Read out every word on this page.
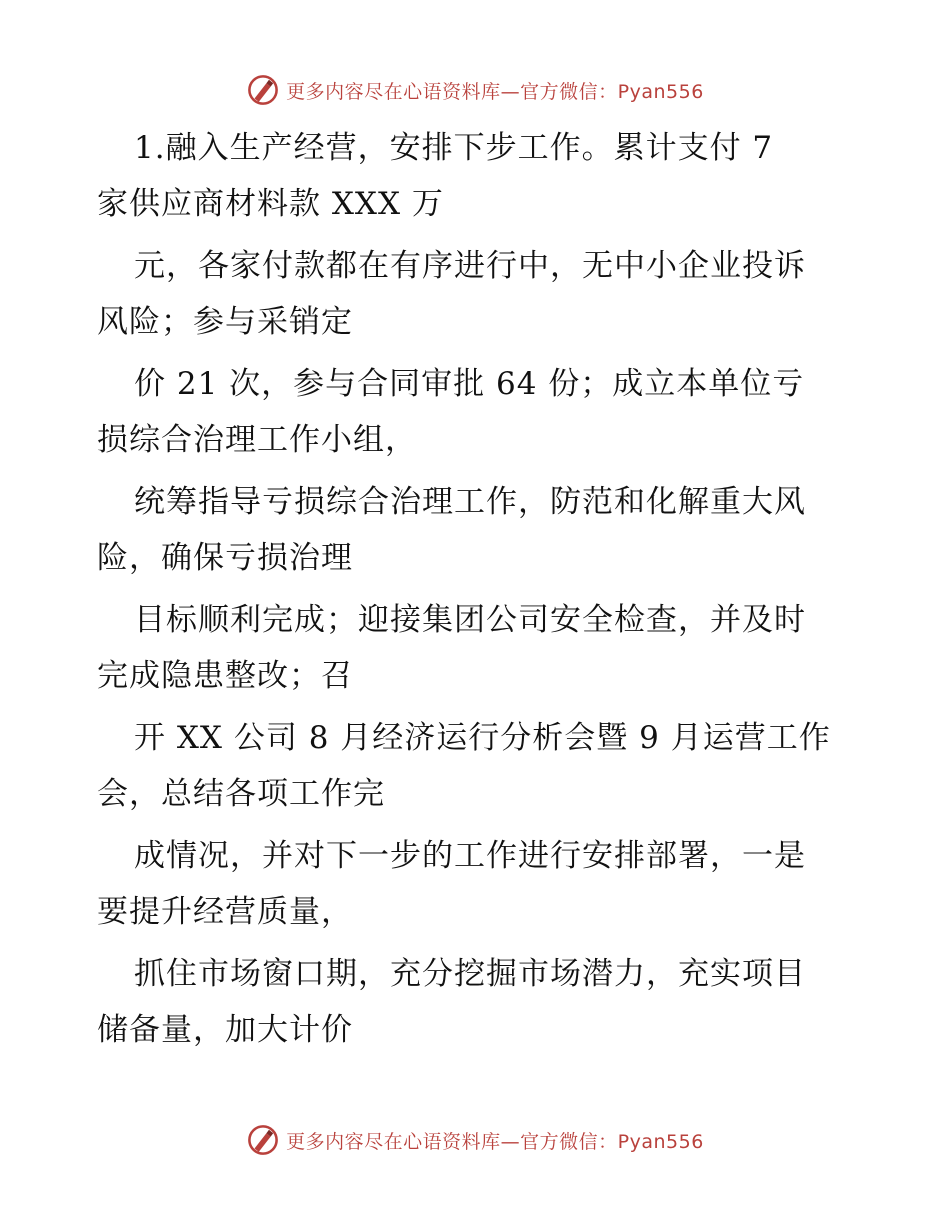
更多内容尽在心语资料库—官方微信：Pyan556
1.融入生产经营，安排下步工作。累计支付 7
家供应商材料款 XXX 万
元，各家付款都在有序进行中，无中小企业投诉
风险；参与采销定
价 21 次，参与合同审批 64 份；成立本单位亏
损综合治理工作小组，
统筹指导亏损综合治理工作，防范和化解重大风
险，确保亏损治理
目标顺利完成；迎接集团公司安全检查，并及时
完成隐患整改；召
开 XX 公司 8 月经济运行分析会暨 9 月运营工作
会，总结各项工作完
成情况，并对下一步的工作进行安排部署，一是
要提升经营质量，
抓住市场窗口期，充分挖掘市场潜力，充实项目
储备量，加大计价
更多内容尽在心语资料库—官方微信：Pyan556
